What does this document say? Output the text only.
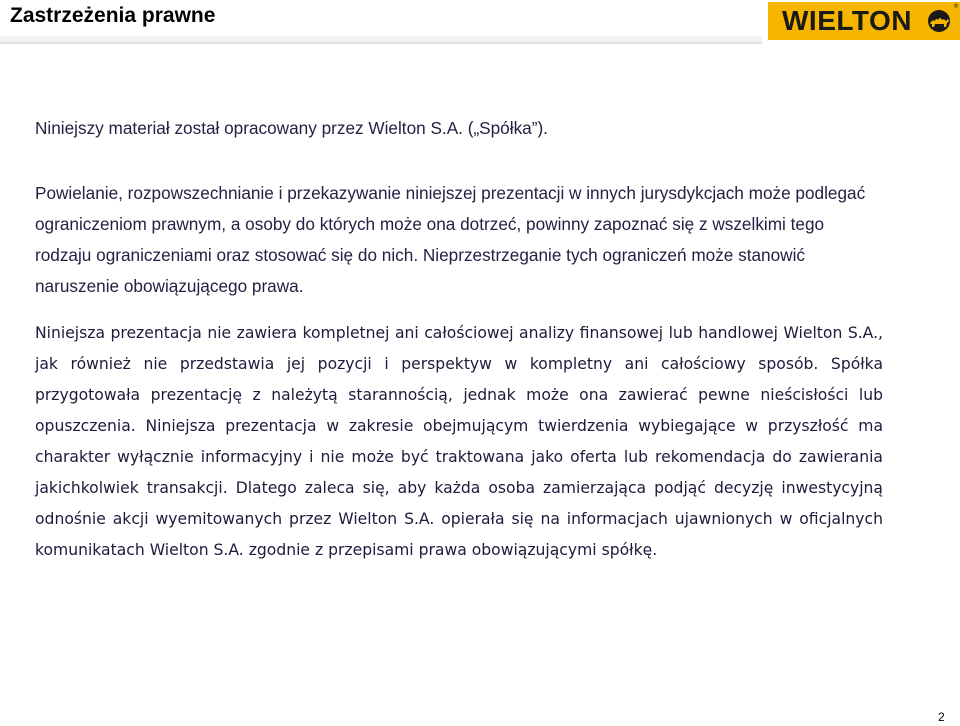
Zastrzeżenia prawne	WIELTON	®

Niniejszy materiał został opracowany przez Wielton S.A. („Spółka”).

Powielanie, rozpowszechnianie i przekazywanie niniejszej prezentacji w innych jurysdykcjach może podlegać ograniczeniom prawnym, a osoby do których może ona dotrzeć, powinny zapoznać się z wszelkimi tego rodzaju ograniczeniami oraz stosować się do nich. Nieprzestrzeganie tych ograniczeń może stanowić naruszenie obowiązującego prawa.

Niniejsza prezentacja nie zawiera kompletnej ani całościowej analizy finansowej lub handlowej Wielton S.A., jak również nie przedstawia jej pozycji i perspektyw w kompletny ani całościowy sposób. Spółka przygotowała prezentację z należytą starannością, jednak może ona zawierać pewne nieścisłości lub opuszczenia. Niniejsza prezentacja w zakresie obejmującym twierdzenia wybiegające w przyszłość ma charakter wyłącznie informacyjny i nie może być traktowana jako oferta lub rekomendacja do zawierania jakichkolwiek transakcji. Dlatego zaleca się, aby każda osoba zamierzająca podjąć decyzję inwestycyjną odnośnie akcji wyemitowanych przez Wielton S.A. opierała się na informacjach ujawnionych w oficjalnych komunikatach Wielton S.A. zgodnie z przepisami prawa obowiązującymi spółkę.

2
